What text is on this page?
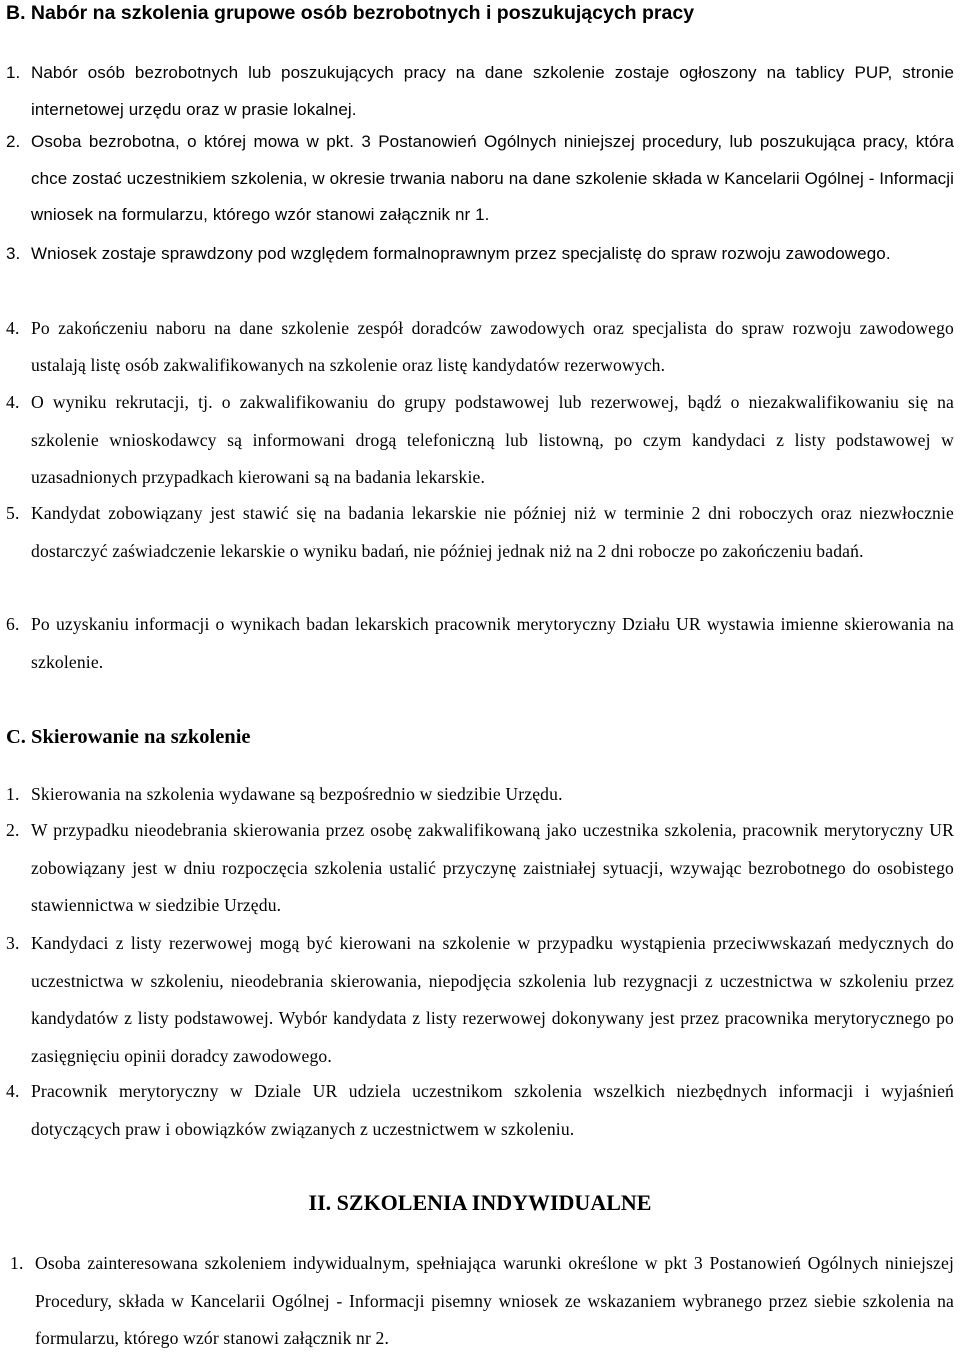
B. Nabór na szkolenia grupowe osób bezrobotnych i poszukujących pracy
1. Nabór osób bezrobotnych lub poszukujących pracy na dane szkolenie zostaje ogłoszony na tablicy PUP, stronie internetowej urzędu oraz w prasie lokalnej.
2. Osoba bezrobotna, o której mowa w pkt. 3 Postanowień Ogólnych niniejszej procedury, lub poszukująca pracy, która chce zostać uczestnikiem szkolenia, w okresie trwania naboru na dane szkolenie składa w Kancelarii Ogólnej - Informacji wniosek na formularzu, którego wzór stanowi załącznik nr 1.
3. Wniosek zostaje sprawdzony pod względem formalnoprawnym przez specjalistę do spraw rozwoju zawodowego.
4. Po zakończeniu naboru na dane szkolenie zespół doradców zawodowych oraz specjalista do spraw rozwoju zawodowego ustalają listę osób zakwalifikowanych na szkolenie oraz listę kandydatów rezerwowych.
4. O wyniku rekrutacji, tj. o zakwalifikowaniu do grupy podstawowej lub rezerwowej, bądź o niezakwalifikowaniu się na szkolenie wnioskodawcy są informowani drogą telefoniczną lub listowną, po czym kandydaci z listy podstawowej w uzasadnionych przypadkach kierowani są na badania lekarskie.
5. Kandydat zobowiązany jest stawić się na badania lekarskie nie później niż w terminie 2 dni roboczych oraz niezwłocznie dostarczyć zaświadczenie lekarskie o wyniku badań, nie później jednak niż na 2 dni robocze po zakończeniu badań.
6. Po uzyskaniu informacji o wynikach badan lekarskich pracownik merytoryczny Działu UR wystawia imienne skierowania na szkolenie.
C. Skierowanie na szkolenie
1. Skierowania na szkolenia wydawane są bezpośrednio w siedzibie Urzędu.
2. W przypadku nieodebrania skierowania przez osobę zakwalifikowaną jako uczestnika szkolenia, pracownik merytoryczny UR zobowiązany jest w dniu rozpoczęcia szkolenia ustalić przyczynę zaistniałej sytuacji, wzywając bezrobotnego do osobistego stawiennictwa w siedzibie Urzędu.
3. Kandydaci z listy rezerwowej mogą być kierowani na szkolenie w przypadku wystąpienia przeciwwskazań medycznych do uczestnictwa w szkoleniu, nieodebrania skierowania, niepodjęcia szkolenia lub rezygnacji z uczestnictwa w szkoleniu przez kandydatów z listy podstawowej. Wybór kandydata z listy rezerwowej dokonywany jest przez pracownika merytorycznego po zasięgnięciu opinii doradcy zawodowego.
4. Pracownik merytoryczny w Dziale UR udziela uczestnikom szkolenia wszelkich niezbędnych informacji i wyjaśnień dotyczących praw i obowiązków związanych z uczestnictwem w szkoleniu.
II. SZKOLENIA INDYWIDUALNE
1. Osoba zainteresowana szkoleniem indywidualnym, spełniająca warunki określone w pkt 3 Postanowień Ogólnych niniejszej Procedury, składa w Kancelarii Ogólnej - Informacji pisemny wniosek ze wskazaniem wybranego przez siebie szkolenia na formularzu, którego wzór stanowi załącznik nr 2.
